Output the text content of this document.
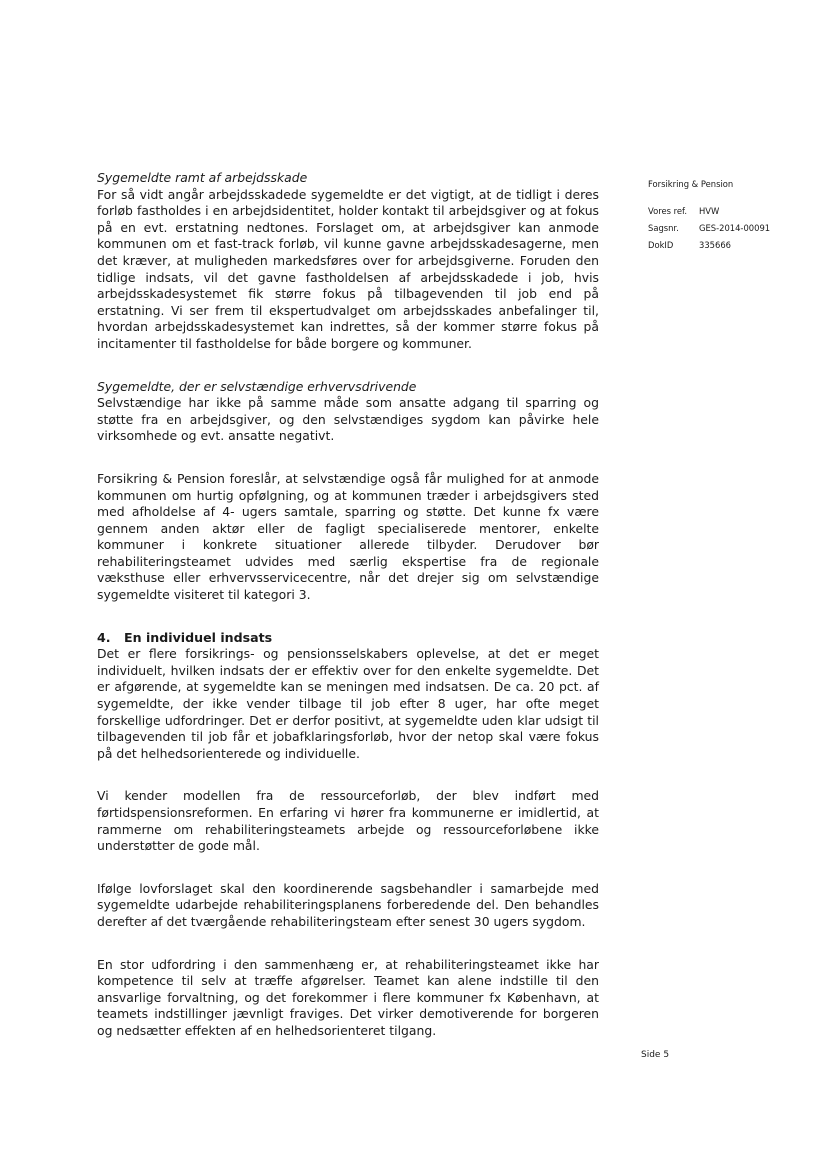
Sygemeldte ramt af arbejdsskade

For så vidt angår arbejdsskadede sygemeldte er det vigtigt, at de tidligt i deres forløb fastholdes i en arbejdsidentitet, holder kontakt til arbejdsgiver og at fokus på en evt. erstatning nedtones. Forslaget om, at arbejdsgiver kan anmode kommunen om et fast-track forløb, vil kunne gavne arbejdsskadesagerne, men det kræver, at muligheden markedsføres over for arbejdsgiverne. Foruden den tidlige indsats, vil det gavne fastholdelsen af arbejdsskadede i job, hvis arbejdsskadesystemet fik større fokus på tilbagevenden til job end på erstatning. Vi ser frem til ekspertudvalget om arbejdsskades anbefalinger til, hvordan arbejdsskadesystemet kan indrettes, så der kommer større fokus på incitamenter til fastholdelse for både borgere og kommuner.

Sygemeldte, der er selvstændige erhvervsdrivende

Selvstændige har ikke på samme måde som ansatte adgang til sparring og støtte fra en arbejdsgiver, og den selvstændiges sygdom kan påvirke hele virksomhede og evt. ansatte negativt.

Forsikring & Pension foreslår, at selvstændige også får mulighed for at anmode kommunen om hurtig opfølgning, og at kommunen træder i arbejdsgivers sted med afholdelse af 4- ugers samtale, sparring og støtte. Det kunne fx være gennem anden aktør eller de fagligt specialiserede mentorer, enkelte kommuner i konkrete situationer allerede tilbyder. Derudover bør rehabiliteringsteamet udvides med særlig ekspertise fra de regionale væksthuse eller erhvervsservicecentre, når det drejer sig om selvstændige sygemeldte visiteret til kategori 3.

4. En individuel indsats

Det er flere forsikrings- og pensionsselskabers oplevelse, at det er meget individuelt, hvilken indsats der er effektiv over for den enkelte sygemeldte. Det er afgørende, at sygemeldte kan se meningen med indsatsen. De ca. 20 pct. af sygemeldte, der ikke vender tilbage til job efter 8 uger, har ofte meget forskellige udfordringer. Det er derfor positivt, at sygemeldte uden klar udsigt til tilbagevenden til job får et jobafklaringsforløb, hvor der netop skal være fokus på det helhedsorienterede og individuelle.

Vi kender modellen fra de ressourceforløb, der blev indført med førtidspensionsreformen. En erfaring vi hører fra kommunerne er imidlertid, at rammerne om rehabiliteringsteamets arbejde og ressourceforløbene ikke understøtter de gode mål.

Ifølge lovforslaget skal den koordinerende sagsbehandler i samarbejde med sygemeldte udarbejde rehabiliteringsplanens forberedende del. Den behandles derefter af det tværgående rehabiliteringsteam efter senest 30 ugers sygdom.

En stor udfordring i den sammenhæng er, at rehabiliteringsteamet ikke har kompetence til selv at træffe afgørelser. Teamet kan alene indstille til den ansvarlige forvaltning, og det forekommer i flere kommuner fx København, at teamets indstillinger jævnligt fraviges. Det virker demotiverende for borgeren og nedsætter effekten af en helhedsorienteret tilgang.

Forsikring & Pension
Vores ref.	HVW
Sagsnr.	GES-2014-00091
DokID	335666
Side 5
